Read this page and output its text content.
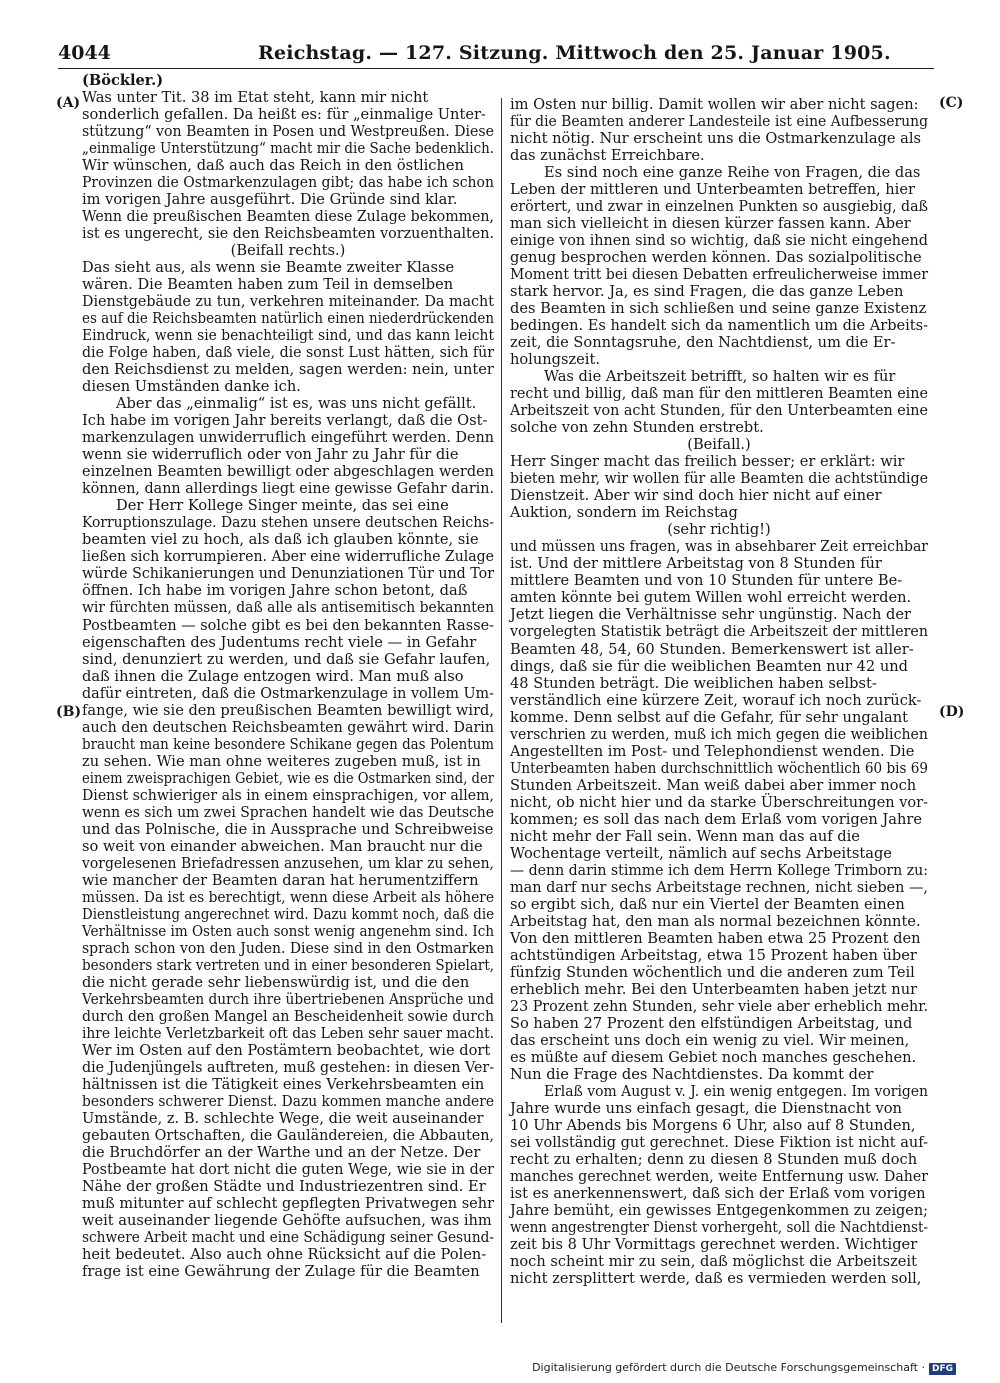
4044	Reichstag. — 127. Sitzung. Mittwoch den 25. Januar 1905.
(A)
(B)
(C)
(D)

(Böckler.)

Was unter Tit. 38 im Etat steht, kann mir nicht

sonderlich gefallen. Da heißt es: für „einmalige Unter-

stützung“ von Beamten in Posen und Westpreußen. Diese

„einmalige Unterstützung“ macht mir die Sache bedenklich.

Wir wünschen, daß auch das Reich in den östlichen

Provinzen die Ostmarkenzulagen gibt; das habe ich schon

im vorigen Jahre ausgeführt. Die Gründe sind klar.

Wenn die preußischen Beamten diese Zulage bekommen,

ist es ungerecht, sie den Reichsbeamten vorzuenthalten.

(Beifall rechts.)

Das sieht aus, als wenn sie Beamte zweiter Klasse

wären. Die Beamten haben zum Teil in demselben

Dienstgebäude zu tun, verkehren miteinander. Da macht

es auf die Reichsbeamten natürlich einen niederdrückenden

Eindruck, wenn sie benachteiligt sind, und das kann leicht

die Folge haben, daß viele, die sonst Lust hätten, sich für

den Reichsdienst zu melden, sagen werden: nein, unter

diesen Umständen danke ich.

Aber das „einmalig“ ist es, was uns nicht gefällt.

Ich habe im vorigen Jahr bereits verlangt, daß die Ost-

markenzulagen unwiderruflich eingeführt werden. Denn

wenn sie widerruflich oder von Jahr zu Jahr für die

einzelnen Beamten bewilligt oder abgeschlagen werden

können, dann allerdings liegt eine gewisse Gefahr darin.

Der Herr Kollege Singer meinte, das sei eine

Korruptionszulage. Dazu stehen unsere deutschen Reichs-

beamten viel zu hoch, als daß ich glauben könnte, sie

ließen sich korrumpieren. Aber eine widerrufliche Zulage

würde Schikanierungen und Denunziationen Tür und Tor

öffnen. Ich habe im vorigen Jahre schon betont, daß

wir fürchten müssen, daß alle als antisemitisch bekannten

Postbeamten — solche gibt es bei den bekannten Rasse-

eigenschaften des Judentums recht viele — in Gefahr

sind, denunziert zu werden, und daß sie Gefahr laufen,

daß ihnen die Zulage entzogen wird. Man muß also

dafür eintreten, daß die Ostmarkenzulage in vollem Um-

fange, wie sie den preußischen Beamten bewilligt wird,

auch den deutschen Reichsbeamten gewährt wird. Darin

braucht man keine besondere Schikane gegen das Polentum

zu sehen. Wie man ohne weiteres zugeben muß, ist in

einem zweisprachigen Gebiet, wie es die Ostmarken sind, der

Dienst schwieriger als in einem einsprachigen, vor allem,

wenn es sich um zwei Sprachen handelt wie das Deutsche

und das Polnische, die in Aussprache und Schreibweise

so weit von einander abweichen. Man braucht nur die

vorgelesenen Briefadressen anzusehen, um klar zu sehen,

wie mancher der Beamten daran hat herumentziffern

müssen. Da ist es berechtigt, wenn diese Arbeit als höhere

Dienstleistung angerechnet wird. Dazu kommt noch, daß die

Verhältnisse im Osten auch sonst wenig angenehm sind. Ich

sprach schon von den Juden. Diese sind in den Ostmarken

besonders stark vertreten und in einer besonderen Spielart,

die nicht gerade sehr liebenswürdig ist, und die den

Verkehrsbeamten durch ihre übertriebenen Ansprüche und

durch den großen Mangel an Bescheidenheit sowie durch

ihre leichte Verletzbarkeit oft das Leben sehr sauer macht.

Wer im Osten auf den Postämtern beobachtet, wie dort

die Judenjüngels auftreten, muß gestehen: in diesen Ver-

hältnissen ist die Tätigkeit eines Verkehrsbeamten ein

besonders schwerer Dienst. Dazu kommen manche andere

Umstände, z. B. schlechte Wege, die weit auseinander

gebauten Ortschaften, die Gauländereien, die Abbauten,

die Bruchdörfer an der Warthe und an der Netze. Der

Postbeamte hat dort nicht die guten Wege, wie sie in der

Nähe der großen Städte und Industriezentren sind. Er

muß mitunter auf schlecht gepflegten Privatwegen sehr

weit auseinander liegende Gehöfte aufsuchen, was ihm

schwere Arbeit macht und eine Schädigung seiner Gesund-

heit bedeutet. Also auch ohne Rücksicht auf die Polen-

frage ist eine Gewährung der Zulage für die Beamten

im Osten nur billig. Damit wollen wir aber nicht sagen:

für die Beamten anderer Landesteile ist eine Aufbesserung

nicht nötig. Nur erscheint uns die Ostmarkenzulage als

das zunächst Erreichbare.

Es sind noch eine ganze Reihe von Fragen, die das

Leben der mittleren und Unterbeamten betreffen, hier

erörtert, und zwar in einzelnen Punkten so ausgiebig, daß

man sich vielleicht in diesen kürzer fassen kann. Aber

einige von ihnen sind so wichtig, daß sie nicht eingehend

genug besprochen werden können. Das sozialpolitische

Moment tritt bei diesen Debatten erfreulicherweise immer

stark hervor. Ja, es sind Fragen, die das ganze Leben

des Beamten in sich schließen und seine ganze Existenz

bedingen. Es handelt sich da namentlich um die Arbeits-

zeit, die Sonntagsruhe, den Nachtdienst, um die Er-

holungszeit.

Was die Arbeitszeit betrifft, so halten wir es für

recht und billig, daß man für den mittleren Beamten eine

Arbeitszeit von acht Stunden, für den Unterbeamten eine

solche von zehn Stunden erstrebt.

(Beifall.)

Herr Singer macht das freilich besser; er erklärt: wir

bieten mehr, wir wollen für alle Beamten die achtstündige

Dienstzeit. Aber wir sind doch hier nicht auf einer

Auktion, sondern im Reichstag

(sehr richtig!)

und müssen uns fragen, was in absehbarer Zeit erreichbar

ist. Und der mittlere Arbeitstag von 8 Stunden für

mittlere Beamten und von 10 Stunden für untere Be-

amten könnte bei gutem Willen wohl erreicht werden.

Jetzt liegen die Verhältnisse sehr ungünstig. Nach der

vorgelegten Statistik beträgt die Arbeitszeit der mittleren

Beamten 48, 54, 60 Stunden. Bemerkenswert ist aller-

dings, daß sie für die weiblichen Beamten nur 42 und

48 Stunden beträgt. Die weiblichen haben selbst-

verständlich eine kürzere Zeit, worauf ich noch zurück-

komme. Denn selbst auf die Gefahr, für sehr ungalant

verschrien zu werden, muß ich mich gegen die weiblichen

Angestellten im Post- und Telephondienst wenden. Die

Unterbeamten haben durchschnittlich wöchentlich 60 bis 69

Stunden Arbeitszeit. Man weiß dabei aber immer noch

nicht, ob nicht hier und da starke Überschreitungen vor-

kommen; es soll das nach dem Erlaß vom vorigen Jahre

nicht mehr der Fall sein. Wenn man das auf die

Wochentage verteilt, nämlich auf sechs Arbeitstage

— denn darin stimme ich dem Herrn Kollege Trimborn zu:

man darf nur sechs Arbeitstage rechnen, nicht sieben —,

so ergibt sich, daß nur ein Viertel der Beamten einen

Arbeitstag hat, den man als normal bezeichnen könnte.

Von den mittleren Beamten haben etwa 25 Prozent den

achtstündigen Arbeitstag, etwa 15 Prozent haben über

fünfzig Stunden wöchentlich und die anderen zum Teil

erheblich mehr. Bei den Unterbeamten haben jetzt nur

23 Prozent zehn Stunden, sehr viele aber erheblich mehr.

So haben 27 Prozent den elfstündigen Arbeitstag, und

das erscheint uns doch ein wenig zu viel. Wir meinen,

es müßte auf diesem Gebiet noch manches geschehen.

Nun die Frage des Nachtdienstes. Da kommt der

Erlaß vom August v. J. ein wenig entgegen. Im vorigen

Jahre wurde uns einfach gesagt, die Dienstnacht von

10 Uhr Abends bis Morgens 6 Uhr, also auf 8 Stunden,

sei vollständig gut gerechnet. Diese Fiktion ist nicht auf-

recht zu erhalten; denn zu diesen 8 Stunden muß doch

manches gerechnet werden, weite Entfernung usw. Daher

ist es anerkennenswert, daß sich der Erlaß vom vorigen

Jahre bemüht, ein gewisses Entgegenkommen zu zeigen;

wenn angestrengter Dienst vorhergeht, soll die Nachtdienst-

zeit bis 8 Uhr Vormittags gerechnet werden. Wichtiger

noch scheint mir zu sein, daß möglichst die Arbeitszeit

nicht zersplittert werde, daß es vermieden werden soll,

Digitalisierung gefördert durch die Deutsche Forschungsgemeinschaft · DFG
